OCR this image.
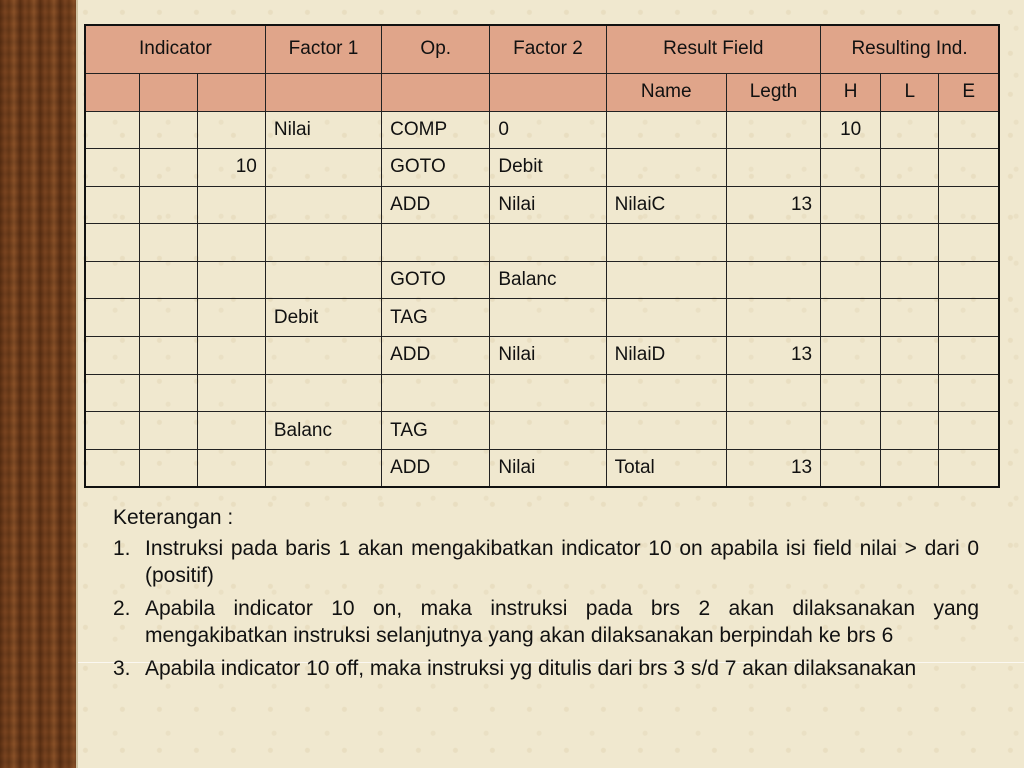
Indicator			Factor 1	Op.	Factor 2	Result Field		Resulting Ind.		
						Name	Legth	H	L	E
			Nilai	COMP	0			10		
		10		GOTO	Debit					
				ADD	Nilai	NilaiC	13			

				GOTO	Balanc					
			Debit	TAG						
				ADD	Nilai	NilaiD	13			

			Balanc	TAG						
				ADD	Nilai	Total	13			
Keterangan :
1. Instruksi pada baris 1 akan mengakibatkan indicator 10 on apabila isi field nilai > dari 0 (positif)
2. Apabila indicator 10 on, maka instruksi pada brs 2 akan dilaksanakan yang mengakibatkan instruksi selanjutnya yang akan dilaksanakan berpindah ke brs 6
3. Apabila indicator 10 off, maka instruksi yg ditulis dari brs 3 s/d 7 akan dilaksanakan
